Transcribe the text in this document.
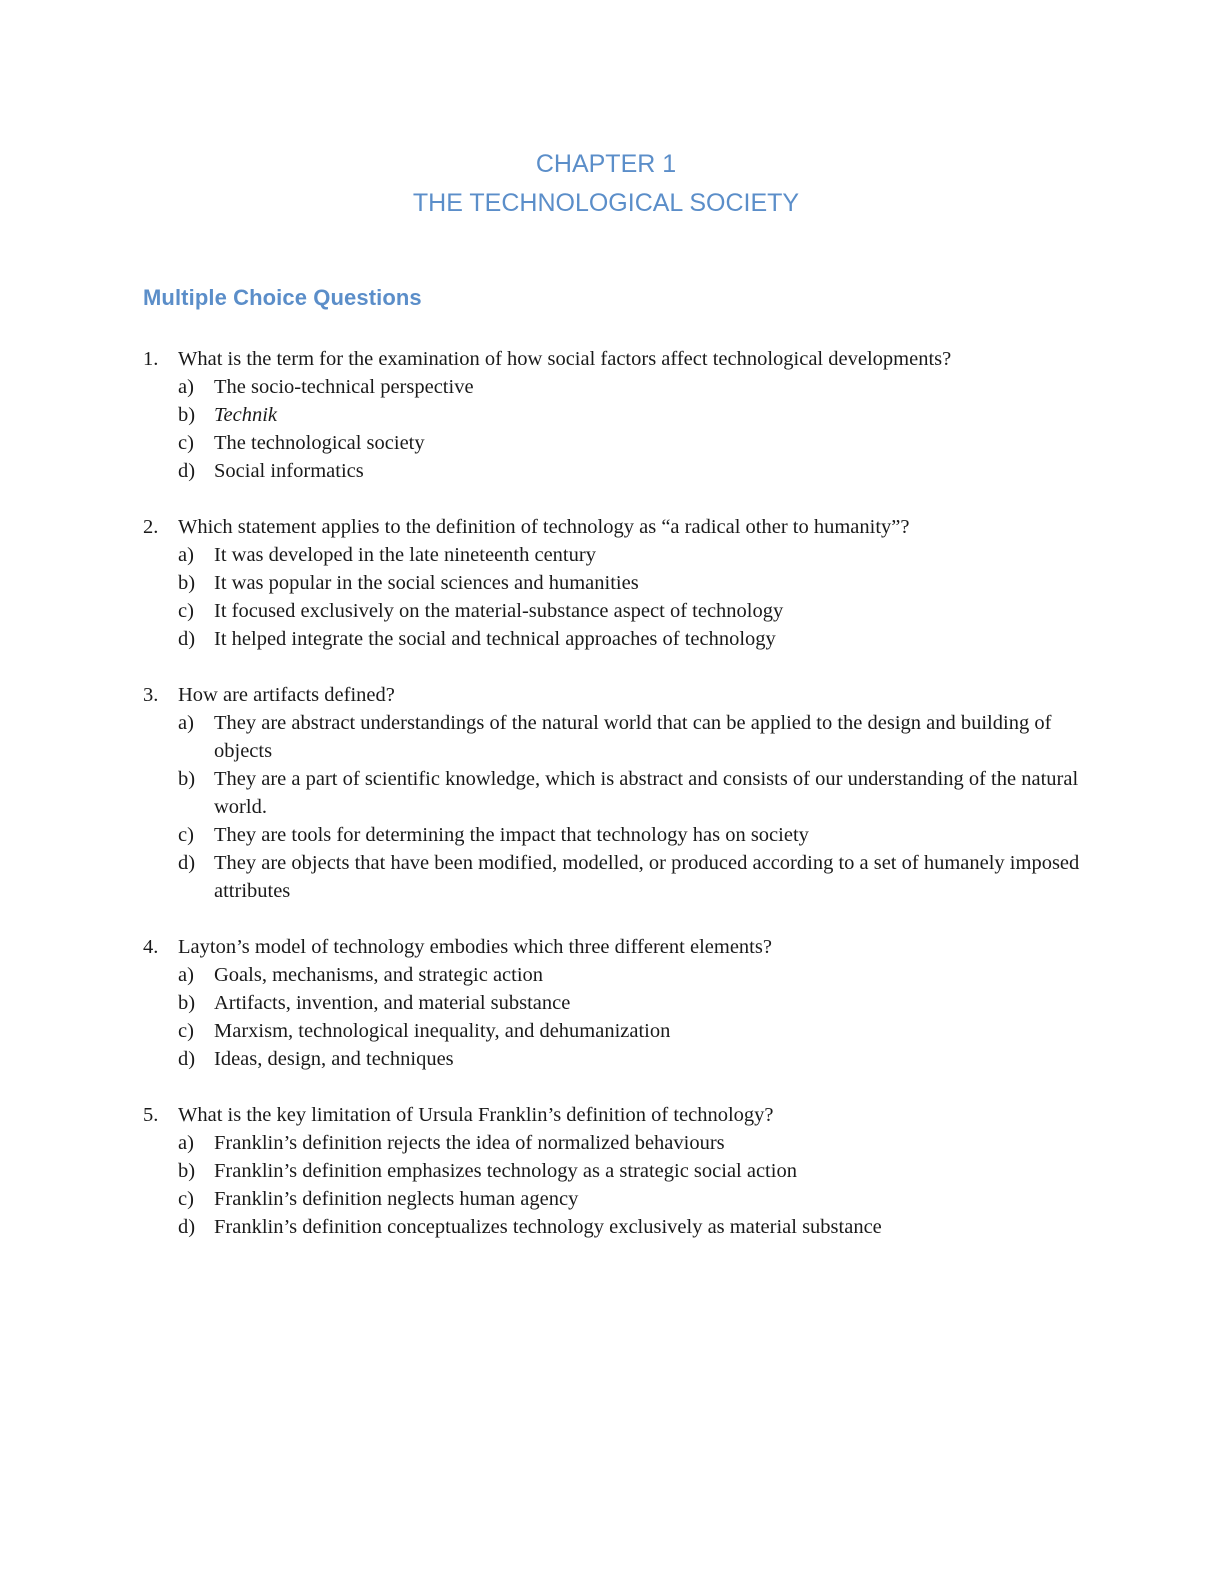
CHAPTER 1
THE TECHNOLOGICAL SOCIETY
Multiple Choice Questions
1. What is the term for the examination of how social factors affect technological developments?
a) The socio-technical perspective
b) Technik
c) The technological society
d) Social informatics
2. Which statement applies to the definition of technology as “a radical other to humanity”?
a) It was developed in the late nineteenth century
b) It was popular in the social sciences and humanities
c) It focused exclusively on the material-substance aspect of technology
d) It helped integrate the social and technical approaches of technology
3. How are artifacts defined?
a) They are abstract understandings of the natural world that can be applied to the design and building of objects
b) They are a part of scientific knowledge, which is abstract and consists of our understanding of the natural world.
c) They are tools for determining the impact that technology has on society
d) They are objects that have been modified, modelled, or produced according to a set of humanely imposed attributes
4. Layton’s model of technology embodies which three different elements?
a) Goals, mechanisms, and strategic action
b) Artifacts, invention, and material substance
c) Marxism, technological inequality, and dehumanization
d) Ideas, design, and techniques
5. What is the key limitation of Ursula Franklin’s definition of technology?
a) Franklin’s definition rejects the idea of normalized behaviours
b) Franklin’s definition emphasizes technology as a strategic social action
c) Franklin’s definition neglects human agency
d) Franklin’s definition conceptualizes technology exclusively as material substance
